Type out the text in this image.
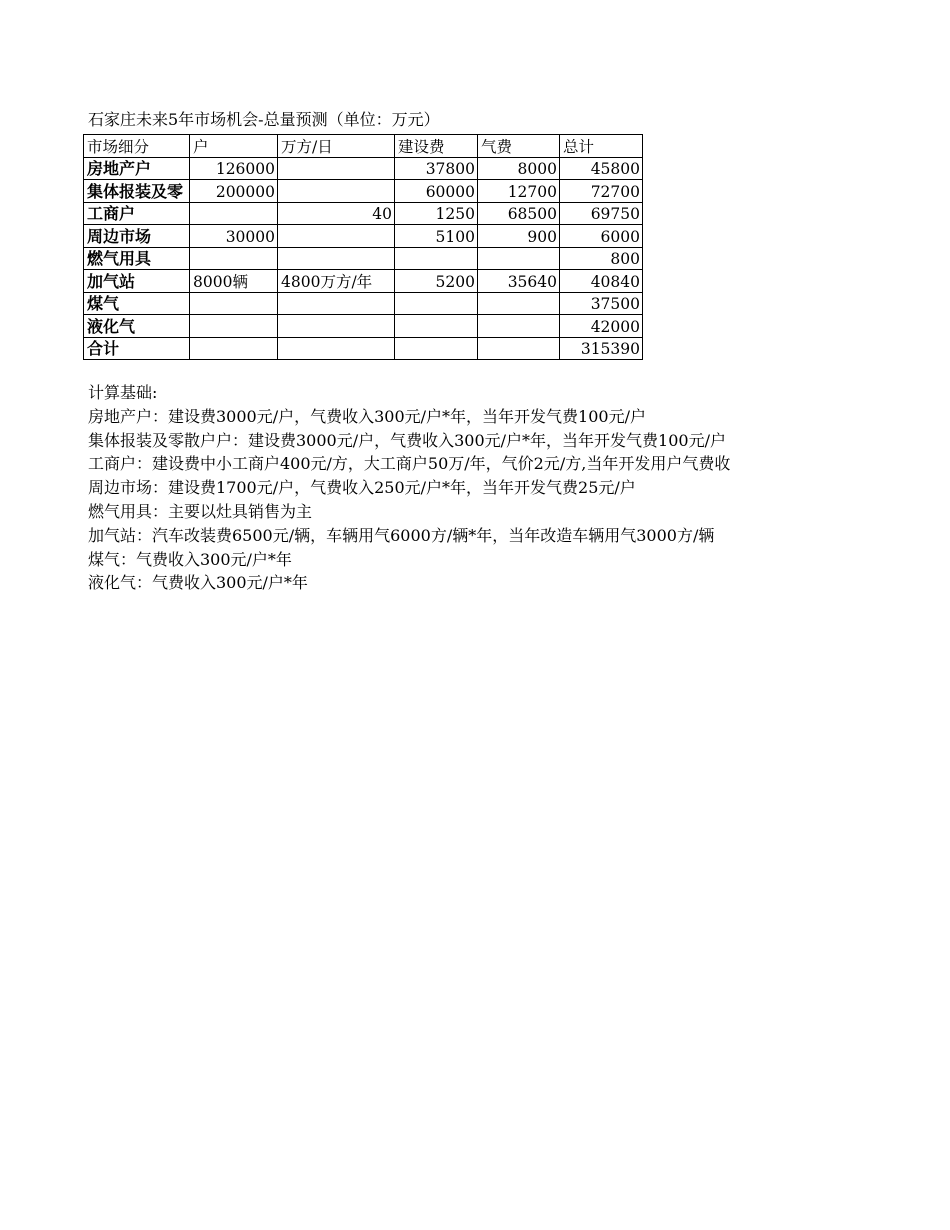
石家庄未来5年市场机会-总量预测（单位：万元）
市场细分	户	万方/日	建设费	气费	总计
房地产户	126000		37800	8000	45800
集体报装及零	200000		60000	12700	72700
工商户		40	1250	68500	69750
周边市场	30000		5100	900	6000
燃气用具					800
加气站	8000辆	4800万方/年	5200	35640	40840
煤气					37500
液化气					42000
合计					315390
计算基础:
房地产户：建设费3000元/户，气费收入300元/户*年，当年开发气费100元/户
集体报装及零散户户：建设费3000元/户，气费收入300元/户*年，当年开发气费100元/户
工商户：建设费中小工商户400元/方，大工商户50万/年，气价2元/方,当年开发用户气费收
周边市场：建设费1700元/户，气费收入250元/户*年，当年开发气费25元/户
燃气用具：主要以灶具销售为主
加气站：汽车改装费6500元/辆，车辆用气6000方/辆*年，当年改造车辆用气3000方/辆
煤气：气费收入300元/户*年
液化气：气费收入300元/户*年
